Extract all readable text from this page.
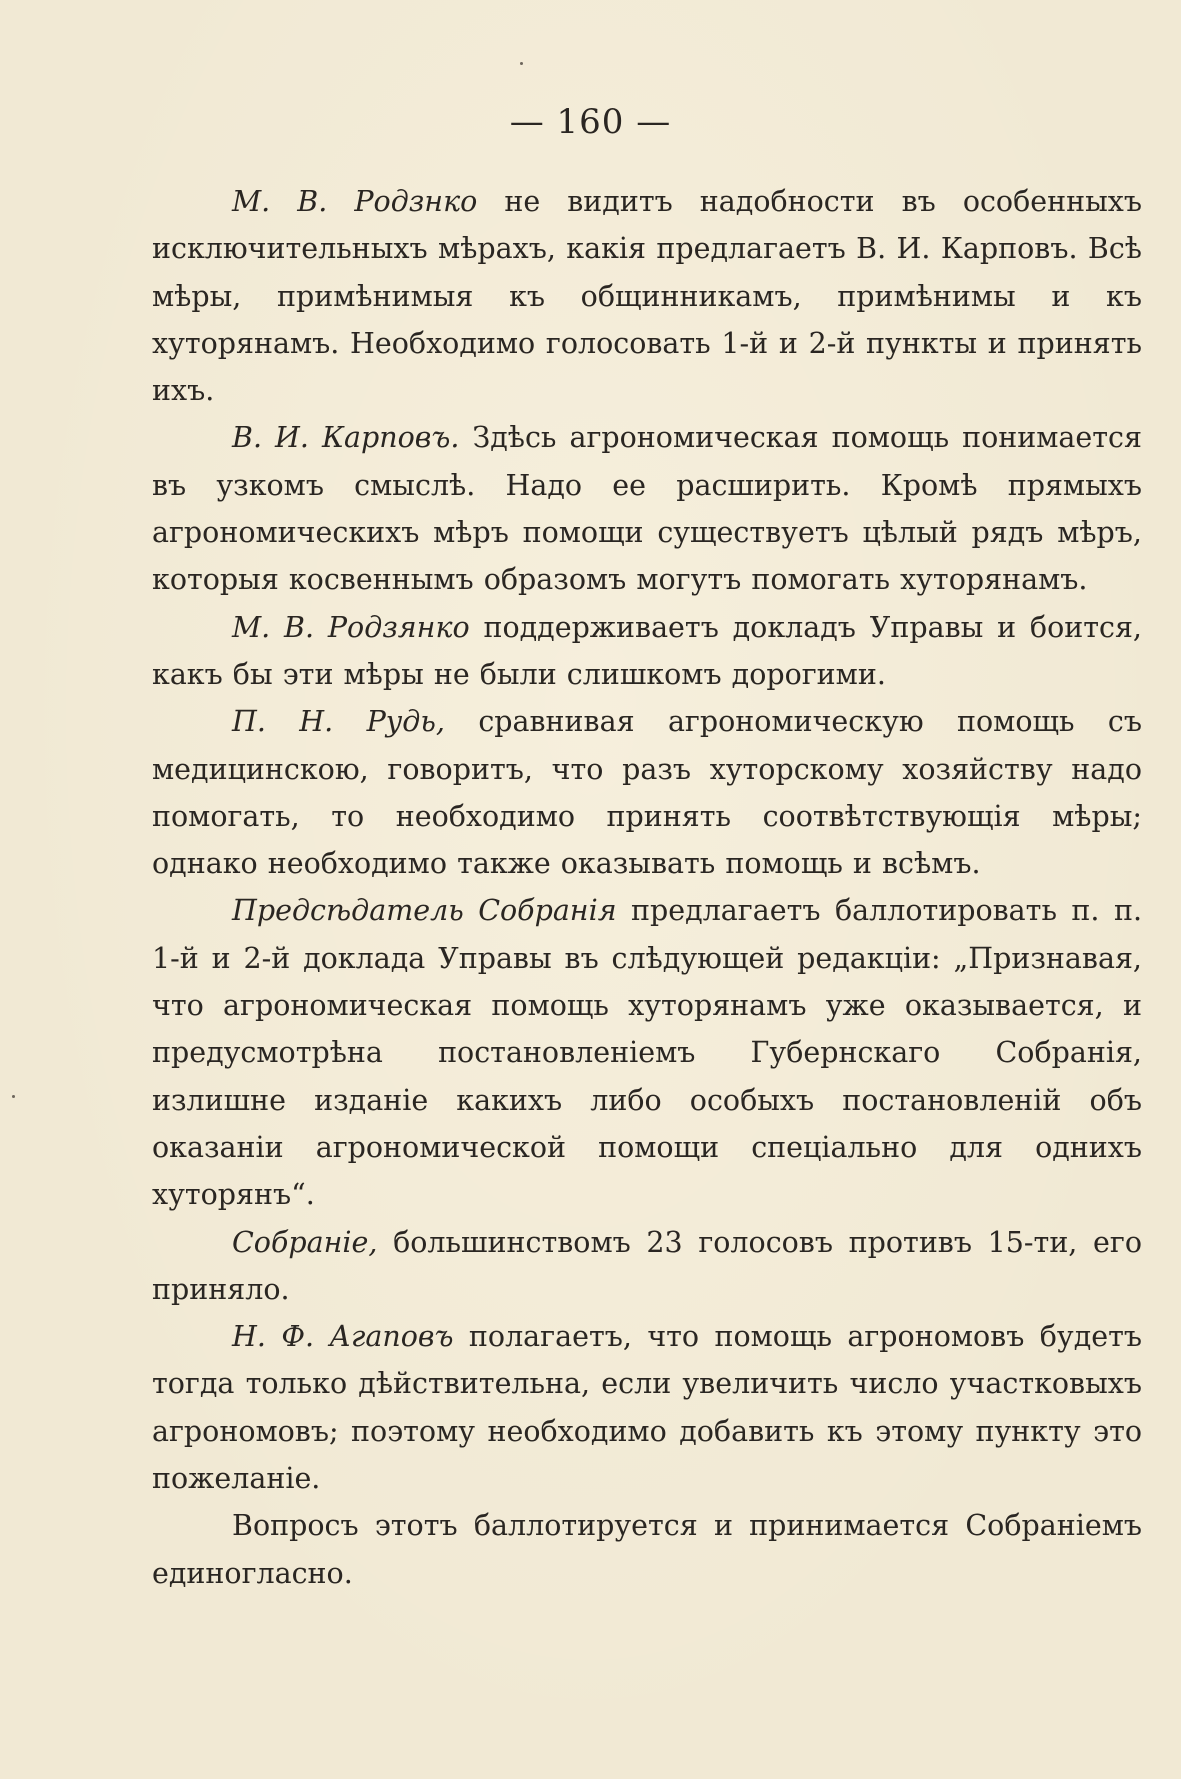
— 160 —

М. В. Родзнко не видитъ надобности въ особенныхъ исключительныхъ мѣрахъ, какія предлагаетъ В. И. Карповъ. Всѣ мѣры, примѣнимыя къ общинникамъ, примѣнимы и къ хуторянамъ. Необходимо голосовать 1-й и 2-й пункты и принять ихъ.

В. И. Карповъ. Здѣсь агрономическая помощь понимается въ узкомъ смыслѣ. Надо ее расширить. Кромѣ прямыхъ агрономическихъ мѣръ помощи существуетъ цѣлый рядъ мѣръ, которыя косвеннымъ образомъ могутъ помогать хуторянамъ.

М. В. Родзянко поддерживаетъ докладъ Управы и боится, какъ бы эти мѣры не были слишкомъ дорогими.

П. Н. Рудь, сравнивая агрономическую помощь съ медицинскою, говоритъ, что разъ хуторскому хозяйству надо помогать, то необходимо принять соотвѣтствующія мѣры; однако необходимо также оказывать помощь и всѣмъ.

Предсѣдатель Собранія предлагаетъ баллотировать п. п. 1-й и 2-й доклада Управы въ слѣдующей редакціи: „Признавая, что агрономическая помощь хуторянамъ уже оказывается, и предусмотрѣна постановленіемъ Губернскаго Собранія, излишне изданіе какихъ либо особыхъ постановленій объ оказаніи агрономической помощи спеціально для однихъ хуторянъ“.

Собраніе, большинствомъ 23 голосовъ противъ 15-ти, его приняло.

Н. Ф. Агаповъ полагаетъ, что помощь агрономовъ будетъ тогда только дѣйствительна, если увеличить число участковыхъ агрономовъ; поэтому необходимо добавить къ этому пункту это пожеланіе.

Вопросъ этотъ баллотируется и принимается Собраніемъ единогласно.
